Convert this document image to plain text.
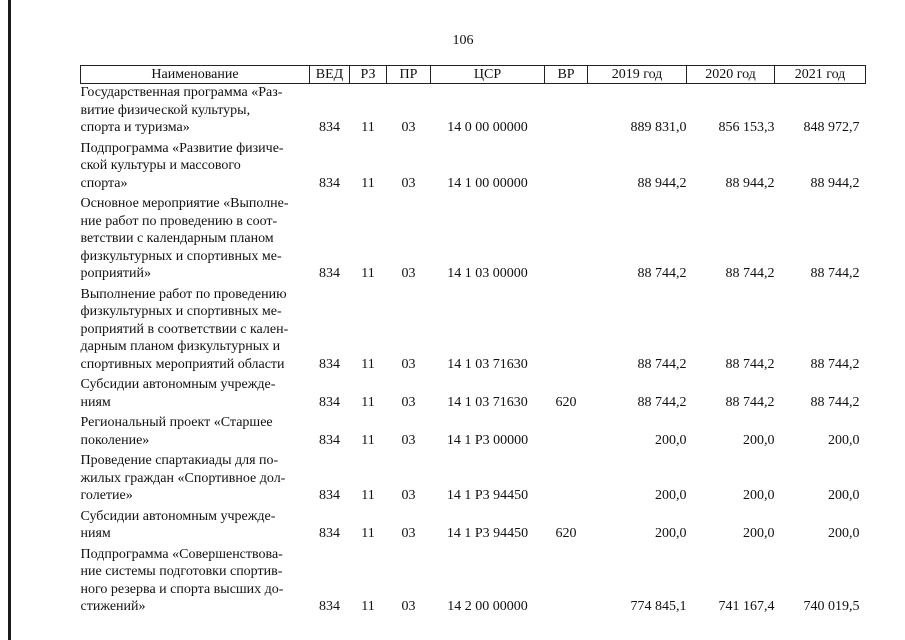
106
Наименование	ВЕД	РЗ	ПР	ЦСР	ВР	2019 год	2020 год	2021 год

Государственная программа «Раз-
витие физической культуры,
спорта и туризма»	834	11	03	14 0 00 00000		889 831,0	856 153,3	848 972,7

Подпрограмма «Развитие физиче-
ской культуры и массового
спорта»	834	11	03	14 1 00 00000		88 944,2	88 944,2	88 944,2

Основное мероприятие «Выполне-
ние работ по проведению в соот-
ветствии с календарным планом
физкультурных и спортивных ме-
роприятий»	834	11	03	14 1 03 00000		88 744,2	88 744,2	88 744,2

Выполнение работ по проведению
физкультурных и спортивных ме-
роприятий в соответствии с кален-
дарным планом физкультурных и
спортивных мероприятий области	834	11	03	14 1 03 71630		88 744,2	88 744,2	88 744,2

Субсидии автономным учрежде-
ниям	834	11	03	14 1 03 71630	620	88 744,2	88 744,2	88 744,2

Региональный проект «Старшее
поколение»	834	11	03	14 1 P3 00000		200,0	200,0	200,0

Проведение спартакиады для по-
жилых граждан «Спортивное дол-
голетие»	834	11	03	14 1 P3 94450		200,0	200,0	200,0

Субсидии автономным учрежде-
ниям	834	11	03	14 1 P3 94450	620	200,0	200,0	200,0

Подпрограмма «Совершенствова-
ние системы подготовки спортив-
ного резерва и спорта высших до-
стижений»	834	11	03	14 2 00 00000		774 845,1	741 167,4	740 019,5
